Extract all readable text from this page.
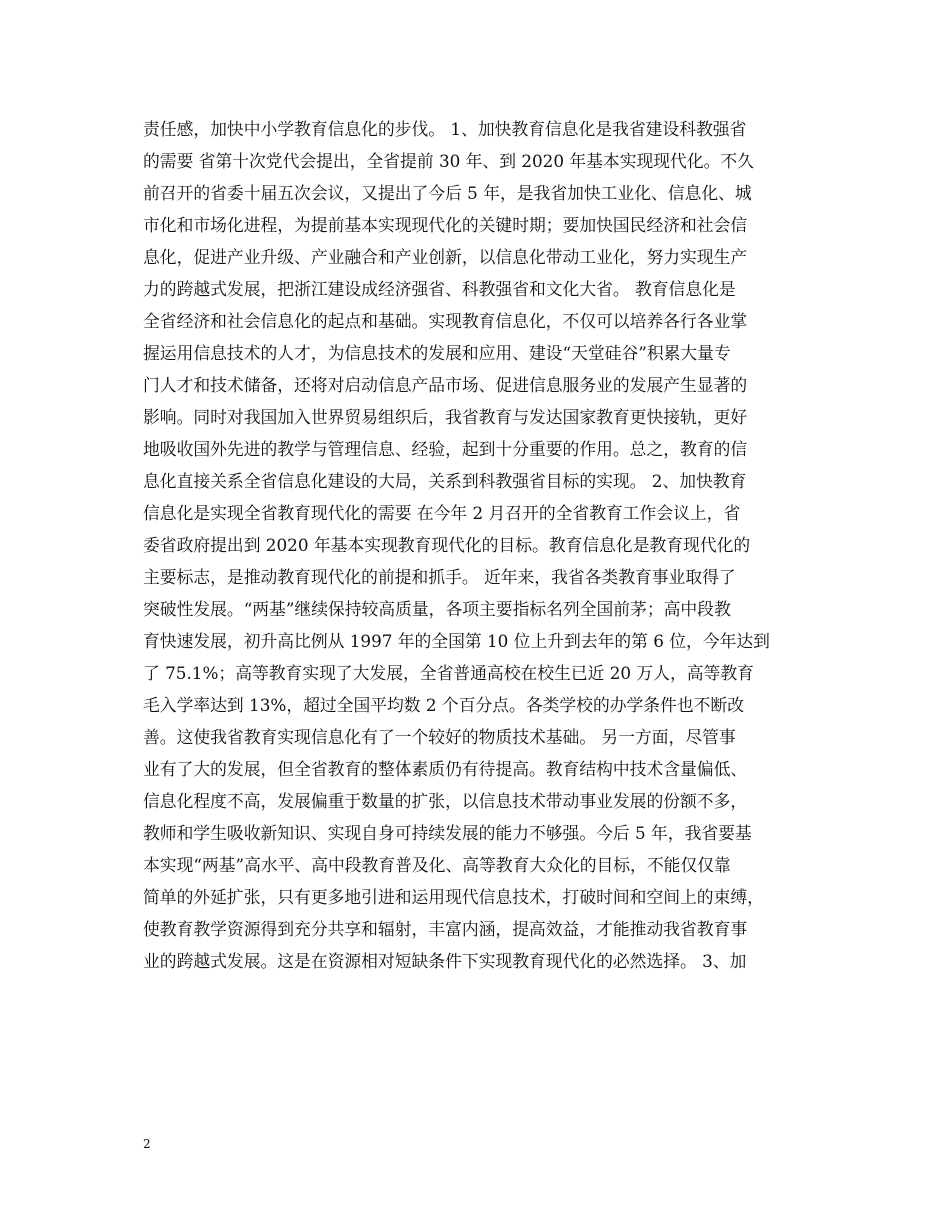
责任感，加快中小学教育信息化的步伐。 1、加快教育信息化是我省建设科教强省
的需要 省第十次党代会提出，全省提前 30 年、到 2020 年基本实现现代化。不久
前召开的省委十届五次会议，又提出了今后 5 年，是我省加快工业化、信息化、城
市化和市场化进程，为提前基本实现现代化的关键时期；要加快国民经济和社会信
息化，促进产业升级、产业融合和产业创新，以信息化带动工业化，努力实现生产
力的跨越式发展，把浙江建设成经济强省、科教强省和文化大省。 教育信息化是
全省经济和社会信息化的起点和基础。实现教育信息化，不仅可以培养各行各业掌
握运用信息技术的人才，为信息技术的发展和应用、建设“天堂硅谷”积累大量专
门人才和技术储备，还将对启动信息产品市场、促进信息服务业的发展产生显著的
影响。同时对我国加入世界贸易组织后，我省教育与发达国家教育更快接轨，更好
地吸收国外先进的教学与管理信息、经验，起到十分重要的作用。总之，教育的信
息化直接关系全省信息化建设的大局，关系到科教强省目标的实现。 2、加快教育
信息化是实现全省教育现代化的需要 在今年 2 月召开的全省教育工作会议上，省
委省政府提出到 2020 年基本实现教育现代化的目标。教育信息化是教育现代化的
主要标志，是推动教育现代化的前提和抓手。 近年来，我省各类教育事业取得了
突破性发展。“两基”继续保持较高质量，各项主要指标名列全国前茅；高中段教
育快速发展，初升高比例从 1997 年的全国第 10 位上升到去年的第 6 位，今年达到
了 75.1%；高等教育实现了大发展，全省普通高校在校生已近 20 万人，高等教育
毛入学率达到 13%，超过全国平均数 2 个百分点。各类学校的办学条件也不断改
善。这使我省教育实现信息化有了一个较好的物质技术基础。 另一方面，尽管事
业有了大的发展，但全省教育的整体素质仍有待提高。教育结构中技术含量偏低、
信息化程度不高，发展偏重于数量的扩张，以信息技术带动事业发展的份额不多，
教师和学生吸收新知识、实现自身可持续发展的能力不够强。今后 5 年，我省要基
本实现“两基”高水平、高中段教育普及化、高等教育大众化的目标，不能仅仅靠
简单的外延扩张，只有更多地引进和运用现代信息技术，打破时间和空间上的束缚，
使教育教学资源得到充分共享和辐射，丰富内涵，提高效益，才能推动我省教育事
业的跨越式发展。这是在资源相对短缺条件下实现教育现代化的必然选择。 3、加
2
